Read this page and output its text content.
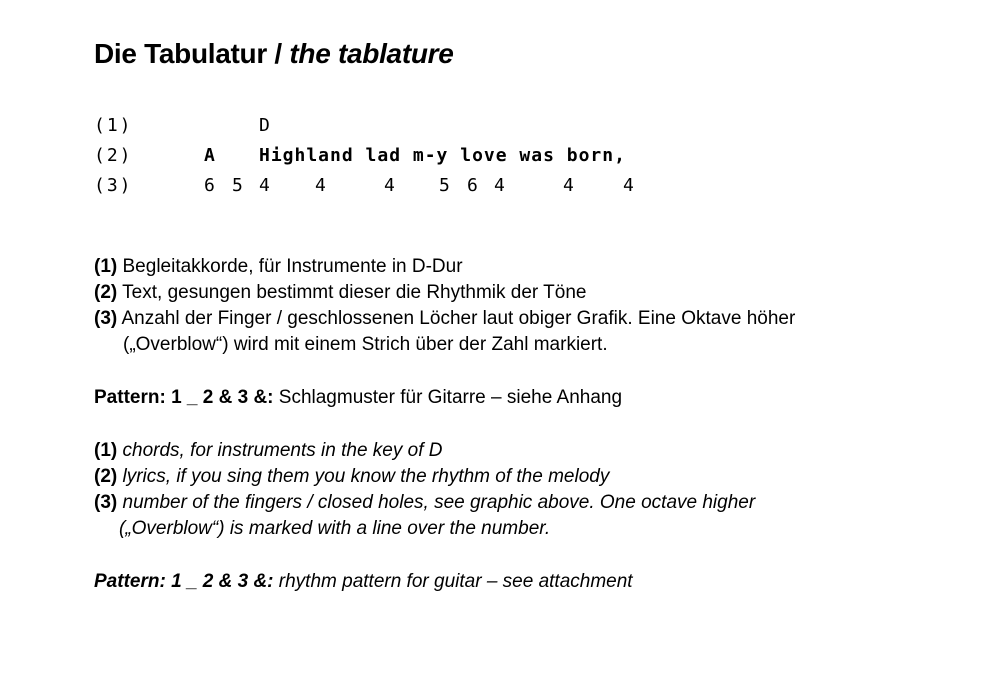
Die Tabulatur / the tablature
(1)	D
(2)	A Highland lad m-y love was born,
(3)	6 5 4	4	4 5 6 4	4	4

(1) Begleitakkorde, für Instrumente in D-Dur

(2) Text, gesungen bestimmt dieser die Rhythmik der Töne

(3) Anzahl der Finger / geschlossenen Löcher laut obiger Grafik. Eine Oktave höher
(„Overblow“) wird mit einem Strich über der Zahl markiert.

Pattern: 1 _ 2 & 3 &: Schlagmuster für Gitarre – siehe Anhang

(1) chords, for instruments in the key of D

(2) lyrics, if you sing them you know the rhythm of the melody

(3) number of the fingers / closed holes, see graphic above. One octave higher
(„Overblow“) is marked with a line over the number.

Pattern: 1 _ 2 & 3 &: rhythm pattern for guitar – see attachment
